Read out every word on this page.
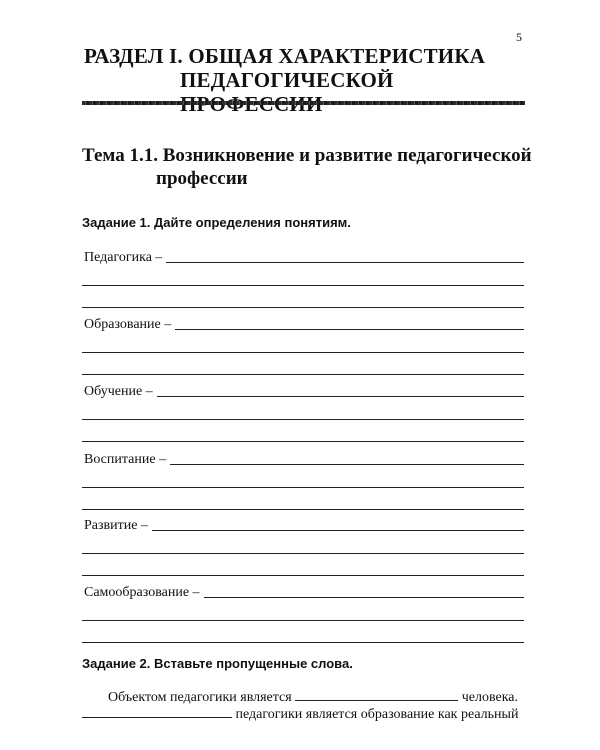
5
РАЗДЕЛ I. ОБЩАЯ ХАРАКТЕРИСТИКА
ПЕДАГОГИЧЕСКОЙ
Тема 1.1. Возникновение и развитие педагогической
профессии
Задание 1. Дайте определения понятиям.
Педагогика –
Образование –
Обучение –
Воспитание –
Развитие –
Самообразование –
Задание 2. Вставьте пропущенные слова.
Объектом педагогики является	человека.
педагогики является образование как реальный
